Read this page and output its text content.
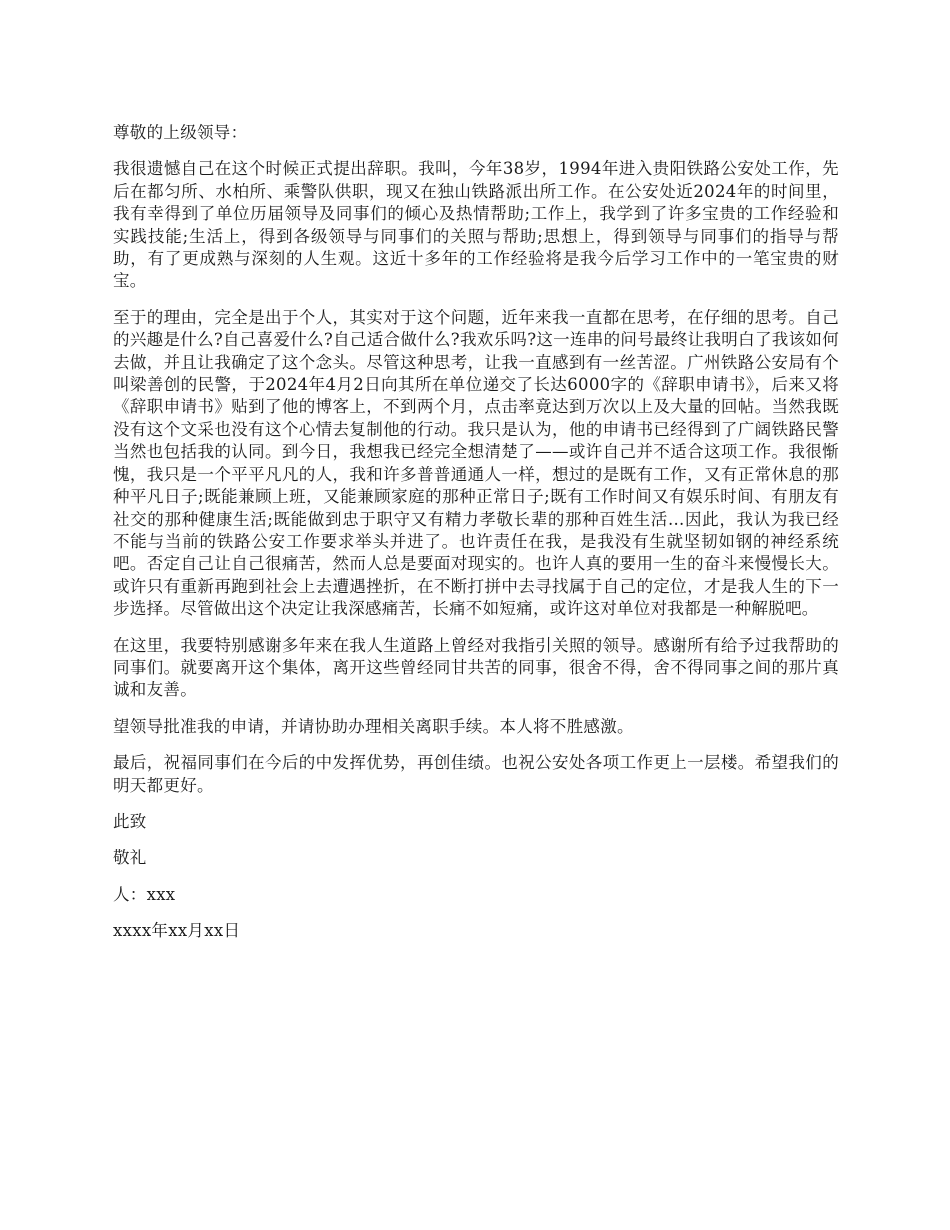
尊敬的上级领导：

我很遗憾自己在这个时候正式提出辞职。我叫，今年38岁，1994年进入贵阳铁路公安处工作，先后在都匀所、水柏所、乘警队供职，现又在独山铁路派出所工作。在公安处近2024年的时间里，我有幸得到了单位历届领导及同事们的倾心及热情帮助;工作上，我学到了许多宝贵的工作经验和实践技能;生活上，得到各级领导与同事们的关照与帮助;思想上，得到领导与同事们的指导与帮助，有了更成熟与深刻的人生观。这近十多年的工作经验将是我今后学习工作中的一笔宝贵的财宝。

至于的理由，完全是出于个人，其实对于这个问题，近年来我一直都在思考，在仔细的思考。自己的兴趣是什么?自己喜爱什么?自己适合做什么?我欢乐吗?这一连串的问号最终让我明白了我该如何去做，并且让我确定了这个念头。尽管这种思考，让我一直感到有一丝苦涩。广州铁路公安局有个叫梁善创的民警，于2024年4月2日向其所在单位递交了长达6000字的《辞职申请书》，后来又将《辞职申请书》贴到了他的博客上，不到两个月，点击率竟达到万次以上及大量的回帖。当然我既没有这个文采也没有这个心情去复制他的行动。我只是认为，他的申请书已经得到了广阔铁路民警当然也包括我的认同。到今日，我想我已经完全想清楚了——或许自己并不适合这项工作。我很惭愧，我只是一个平平凡凡的人，我和许多普普通通人一样，想过的是既有工作，又有正常休息的那种平凡日子;既能兼顾上班，又能兼顾家庭的那种正常日子;既有工作时间又有娱乐时间、有朋友有社交的那种健康生活;既能做到忠于职守又有精力孝敬长辈的那种百姓生活…因此，我认为我已经不能与当前的铁路公安工作要求举头并进了。也许责任在我，是我没有生就坚韧如钢的神经系统吧。否定自己让自己很痛苦，然而人总是要面对现实的。也许人真的要用一生的奋斗来慢慢长大。或许只有重新再跑到社会上去遭遇挫折，在不断打拼中去寻找属于自己的定位，才是我人生的下一步选择。尽管做出这个决定让我深感痛苦，长痛不如短痛，或许这对单位对我都是一种解脱吧。

在这里，我要特别感谢多年来在我人生道路上曾经对我指引关照的领导。感谢所有给予过我帮助的同事们。就要离开这个集体，离开这些曾经同甘共苦的同事，很舍不得，舍不得同事之间的那片真诚和友善。

望领导批准我的申请，并请协助办理相关离职手续。本人将不胜感激。

最后，祝福同事们在今后的中发挥优势，再创佳绩。也祝公安处各项工作更上一层楼。希望我们的明天都更好。

此致

敬礼

人：xxx

xxxx年xx月xx日
